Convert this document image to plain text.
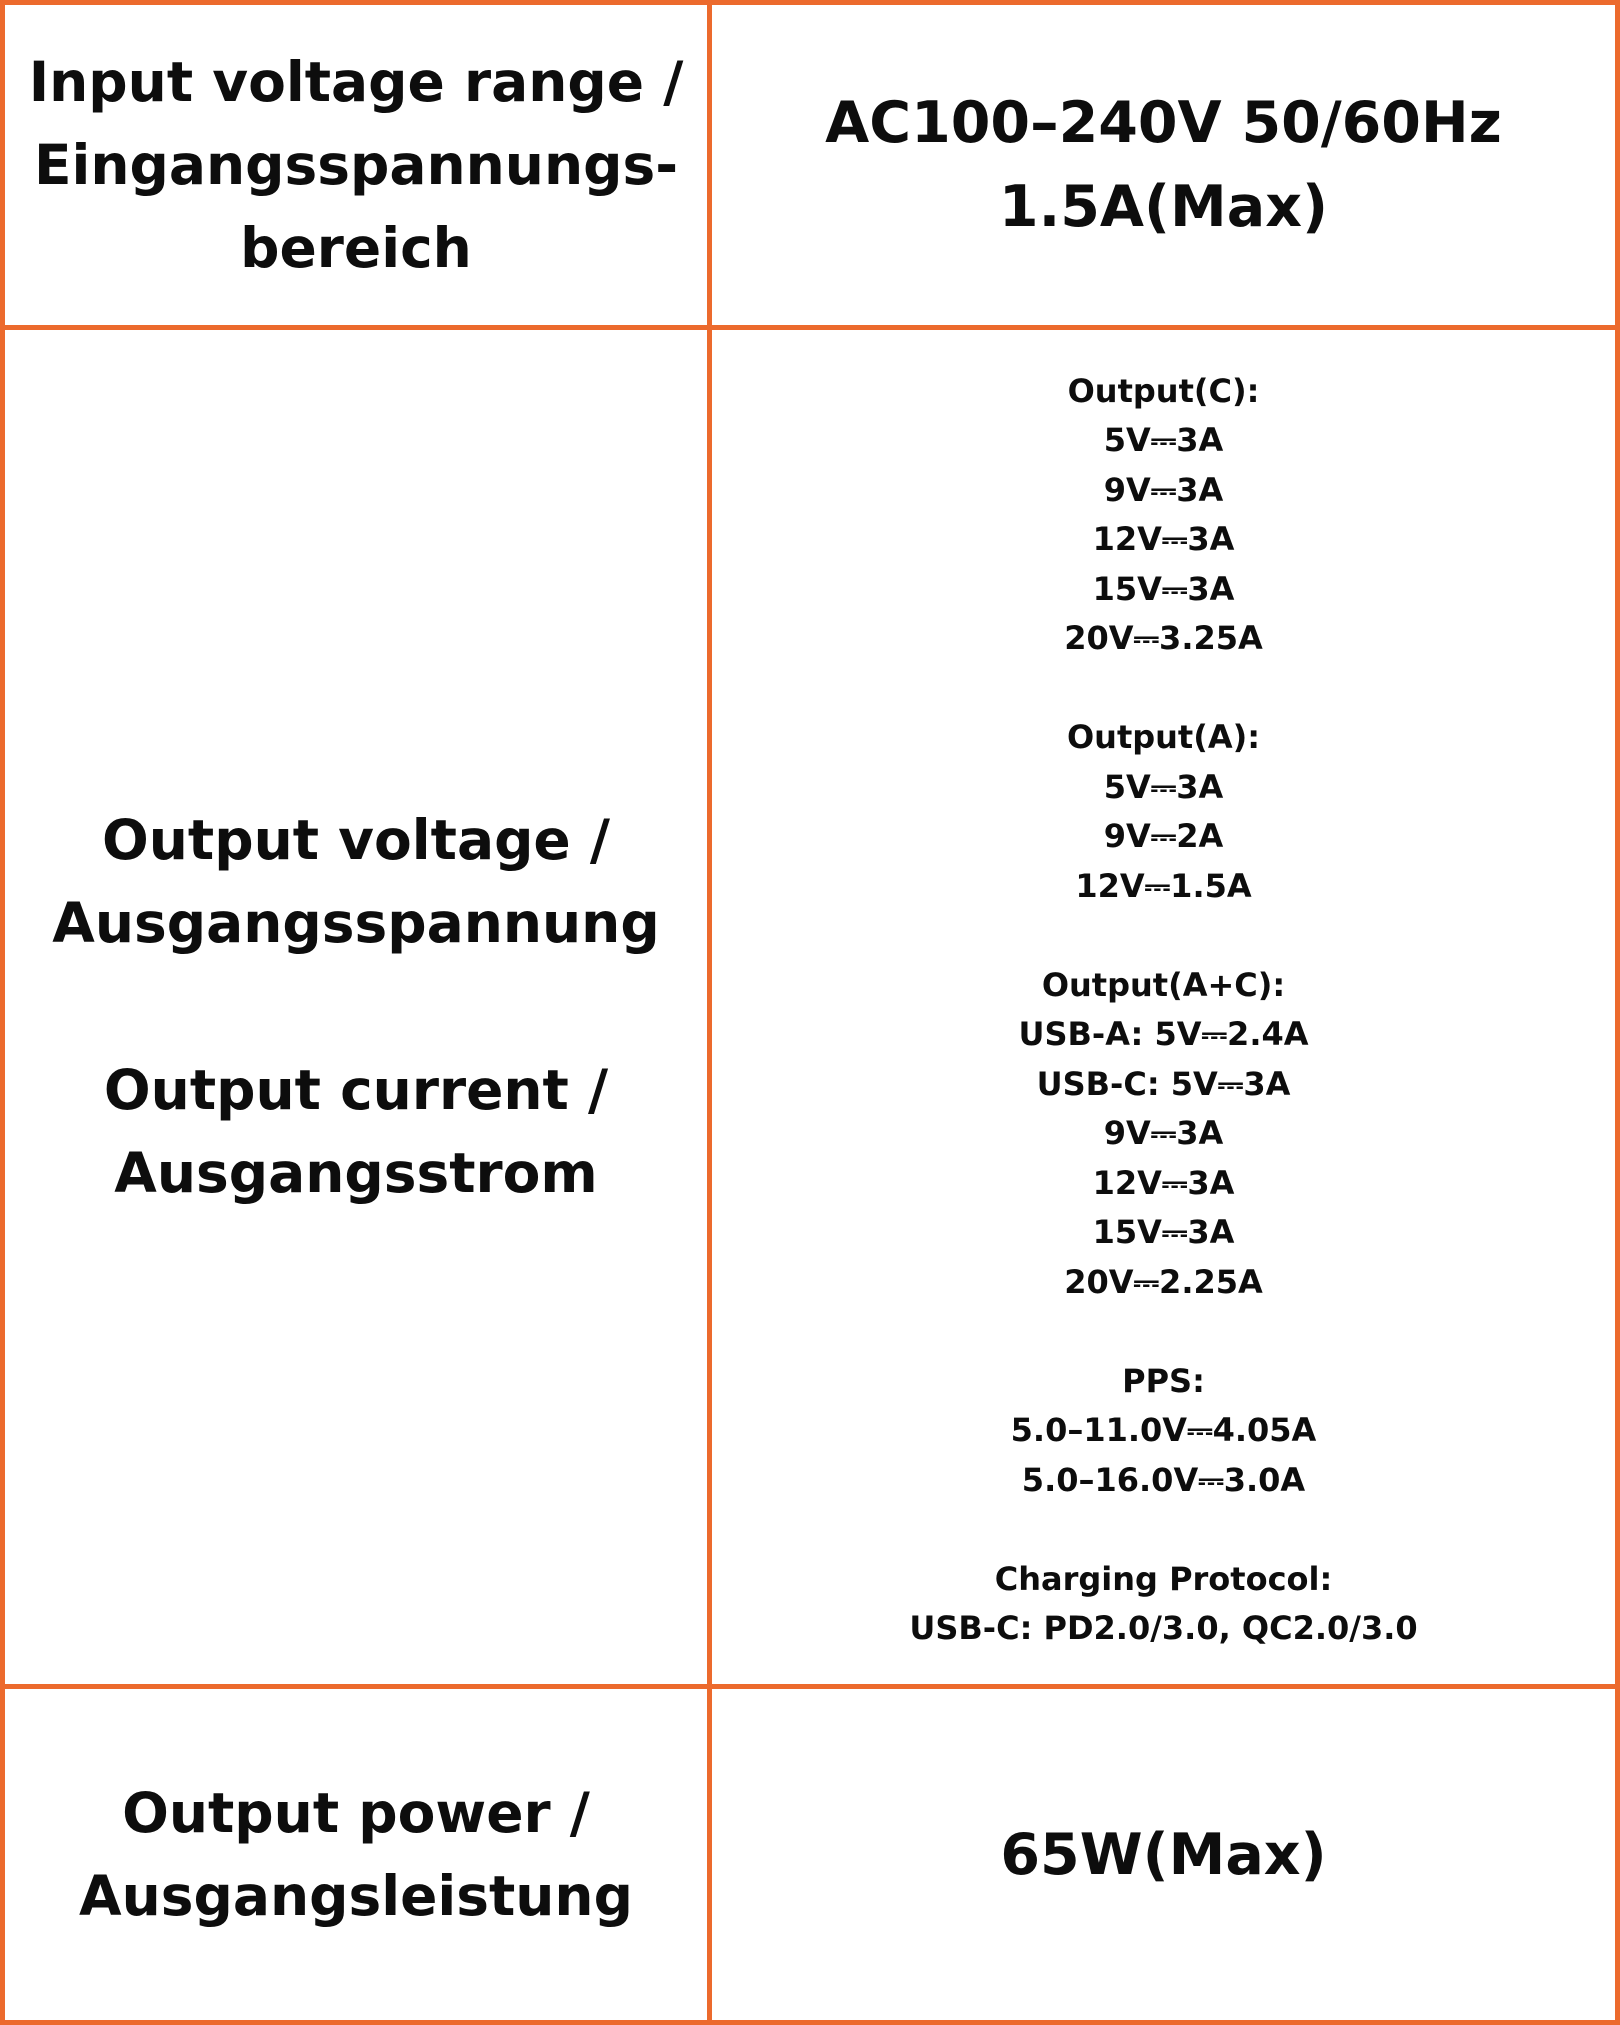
Input voltage range /
Eingangsspannungs-
bereich
AC100–240V 50/60Hz
1.5A(Max)
Output voltage /
Ausgangsspannung
Output current /
Ausgangsstrom
Output(C):
5V⎓3A
9V⎓3A
12V⎓3A
15V⎓3A
20V⎓3.25A
Output(A):
5V⎓3A
9V⎓2A
12V⎓1.5A
Output(A+C):
USB-A: 5V⎓2.4A
USB-C: 5V⎓3A
9V⎓3A
12V⎓3A
15V⎓3A
20V⎓2.25A
PPS:
5.0–11.0V⎓4.05A
5.0–16.0V⎓3.0A
Charging Protocol:
USB-C: PD2.0/3.0, QC2.0/3.0
Output power /
Ausgangsleistung
65W(Max)
